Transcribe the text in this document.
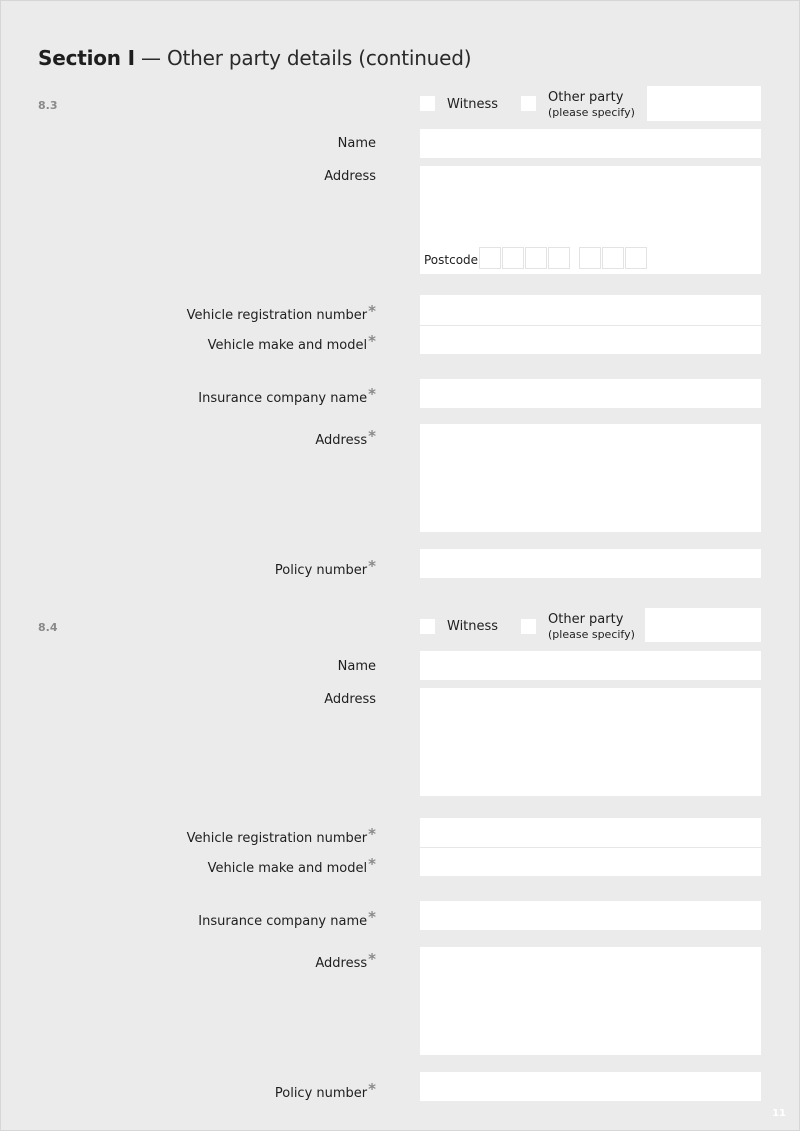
Section I — Other party details (continued)
8.3	Witness	Other party
(please specify)
Name
Address
Postcode
Vehicle registration number*
Vehicle make and model*
Insurance company name*
Address*
Policy number*
8.4	Witness	Other party
(please specify)
Name
Address
Vehicle registration number*
Vehicle make and model*
Insurance company name*
Address*
Policy number*
11
